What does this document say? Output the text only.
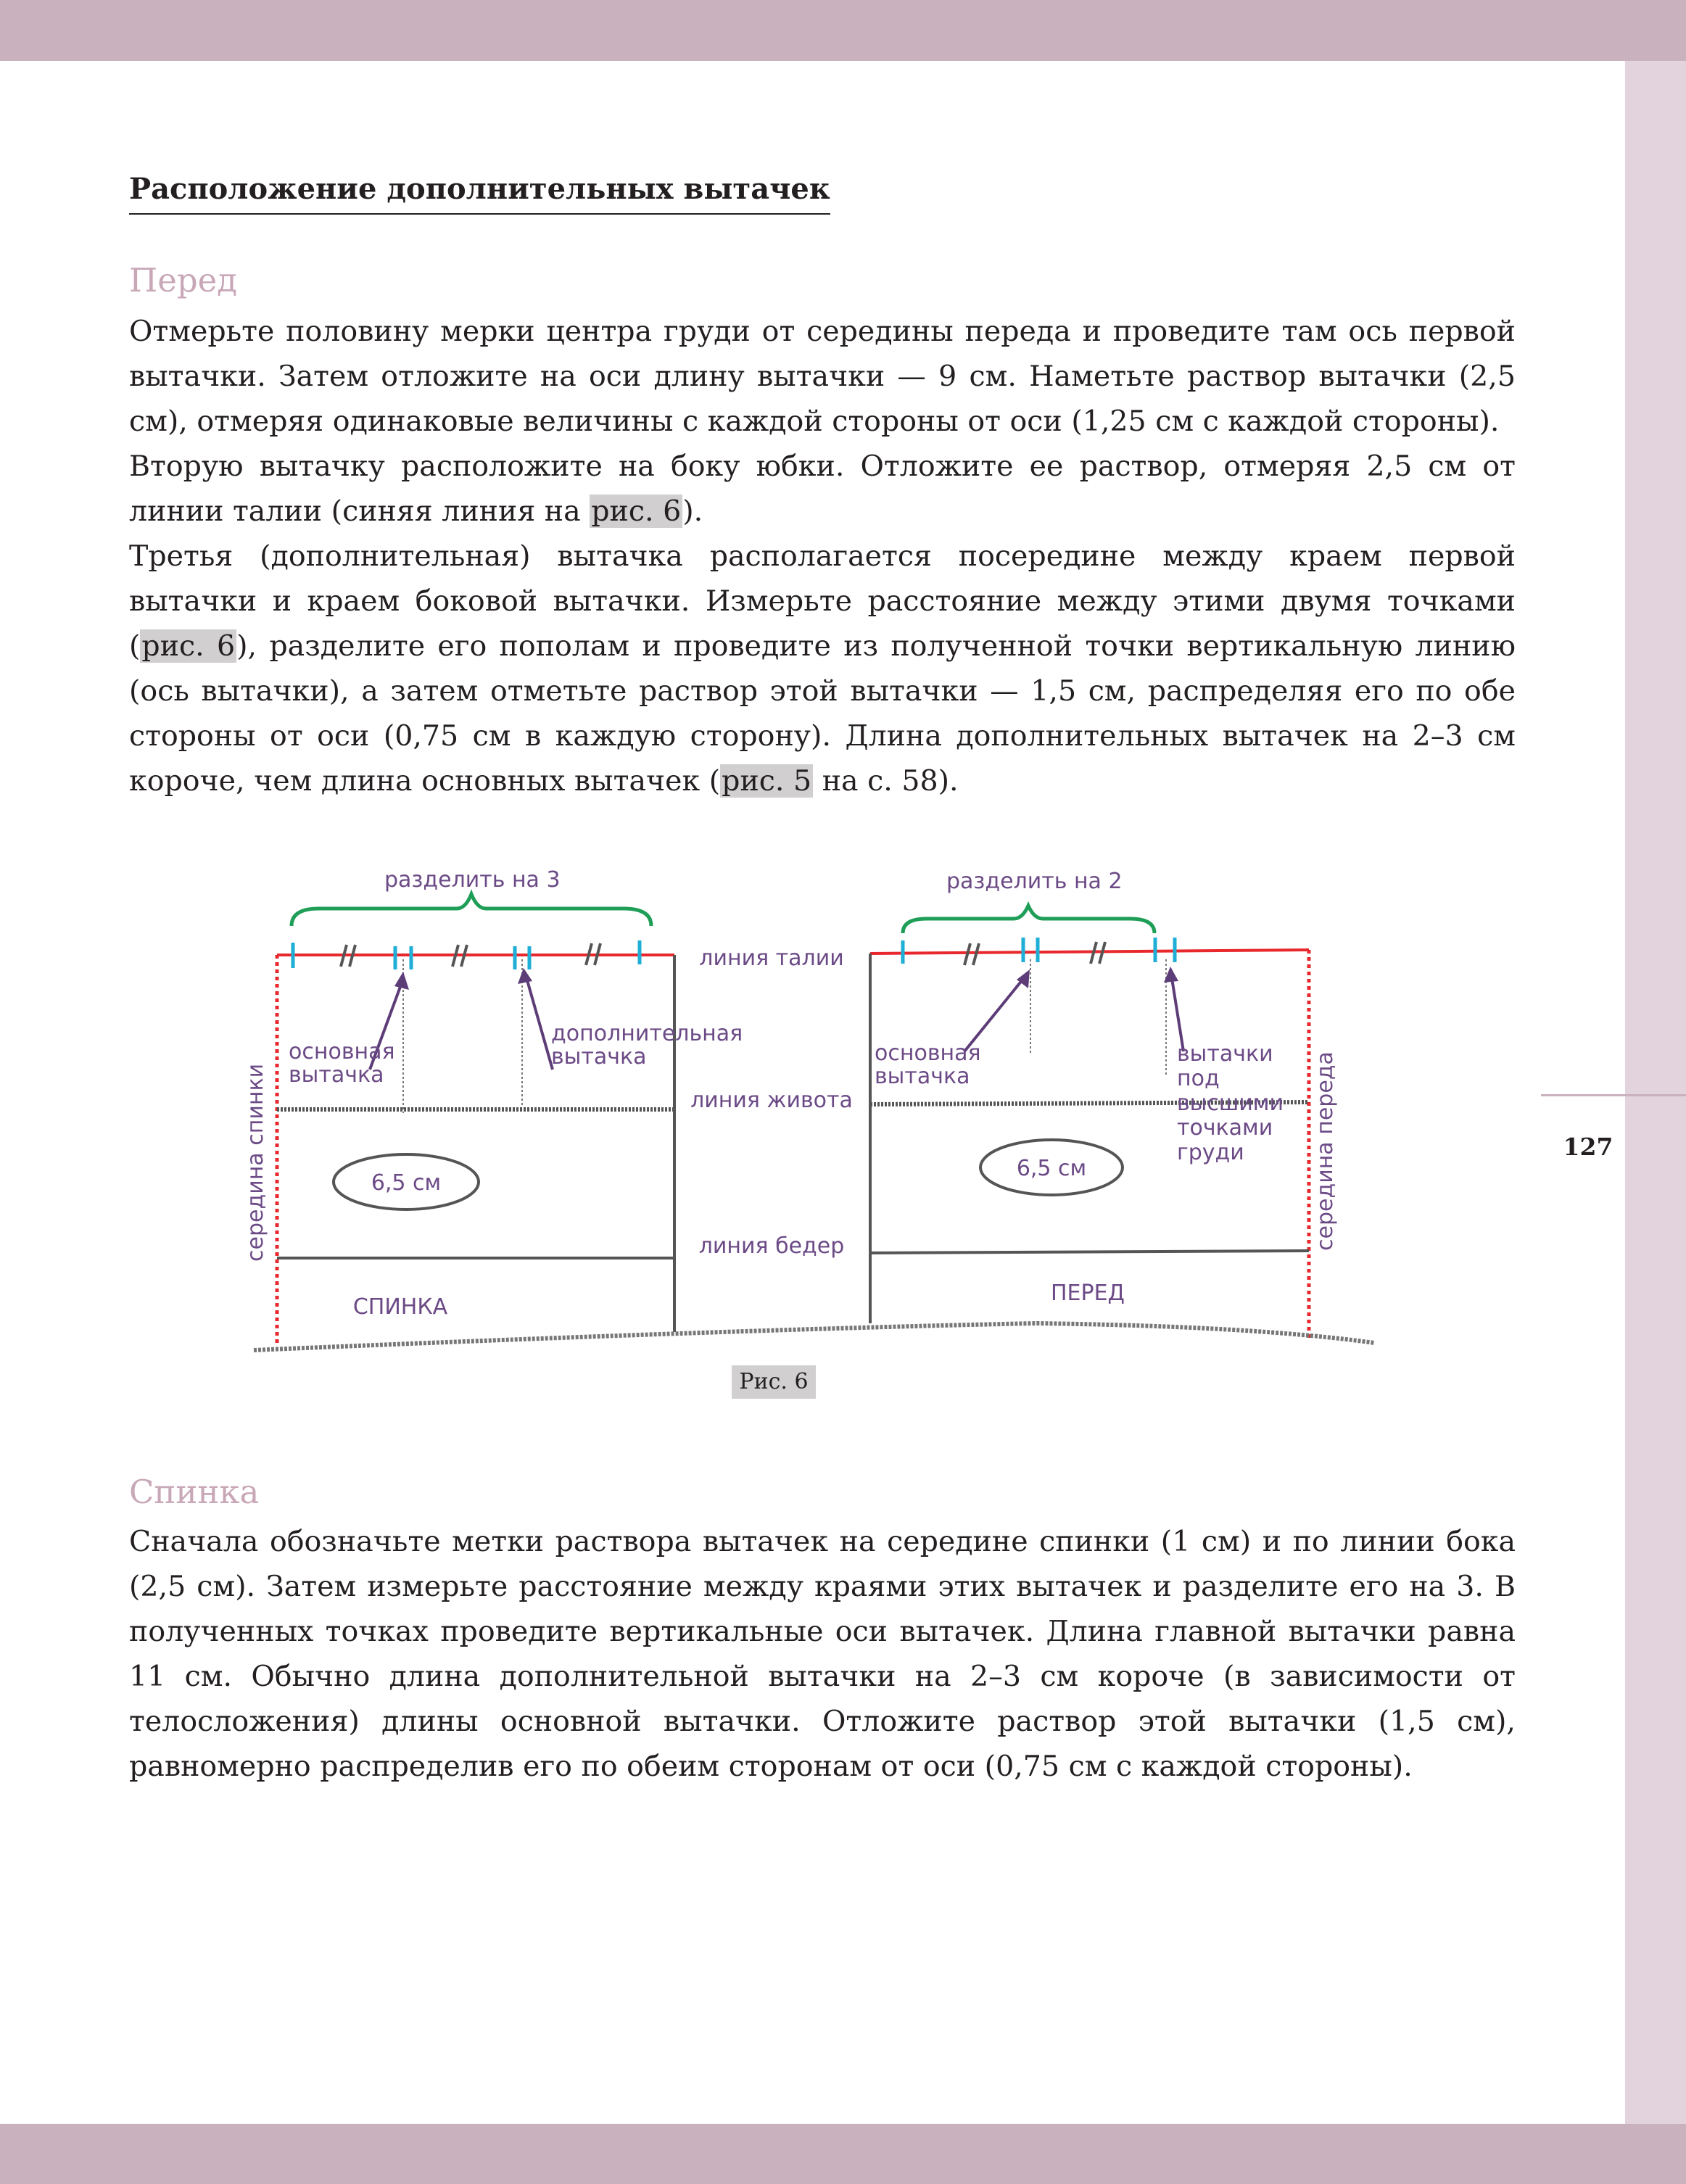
127
Расположение дополнительных вытачек
Перед

Отмерьте половину мерки центра груди от середины переда и проведите там ось первой вытачки. Затем отложите на оси длину вытачки — 9 см. Наметьте раствор вытачки (2,5 см), отмеряя одинаковые величины с каждой стороны от оси (1,25 см с каждой стороны).

Вторую вытачку расположите на боку юбки. Отложите ее раствор, отмеряя 2,5 см от линии талии (синяя линия на рис. 6).

Третья (дополнительная) вытачка располагается посередине между краем первой вытачки и краем боковой вытачки. Измерьте расстояние между этими двумя точками (рис. 6), разделите его пополам и проведите из полученной точки вертикальную линию (ось вытачки), а затем отметьте раствор этой вытачки — 1,5 см, распределяя его по обе стороны от оси (0,75 см в каждую сторону). Длина дополнительных вытачек на 2–3 см короче, чем длина основных вытачек (рис. 5 на с. 58).

разделить на 3
основная вытачка
дополнительная вытачка
середина спинки	6,5 см
СПИНКА
линия талии
линия живота
линия бедер
разделить на 2
основная вытачка
вытачки под высшими точками груди	середина переда
6,5 см
ПЕРЕД
Рис. 6
Спинка

Сначала обозначьте метки раствора вытачек на середине спинки (1 см) и по линии бока (2,5 см). Затем измерьте расстояние между краями этих вытачек и разделите его на 3. В полученных точках проведите вертикальные оси вытачек. Длина главной вытачки равна 11 см. Обычно длина дополнительной вытачки на 2–3 см короче (в зависимости от телосложения) длины основной вытачки. Отложите раствор этой вытачки (1,5 см), равномерно распределив его по обеим сторонам от оси (0,75 см с каждой стороны).
